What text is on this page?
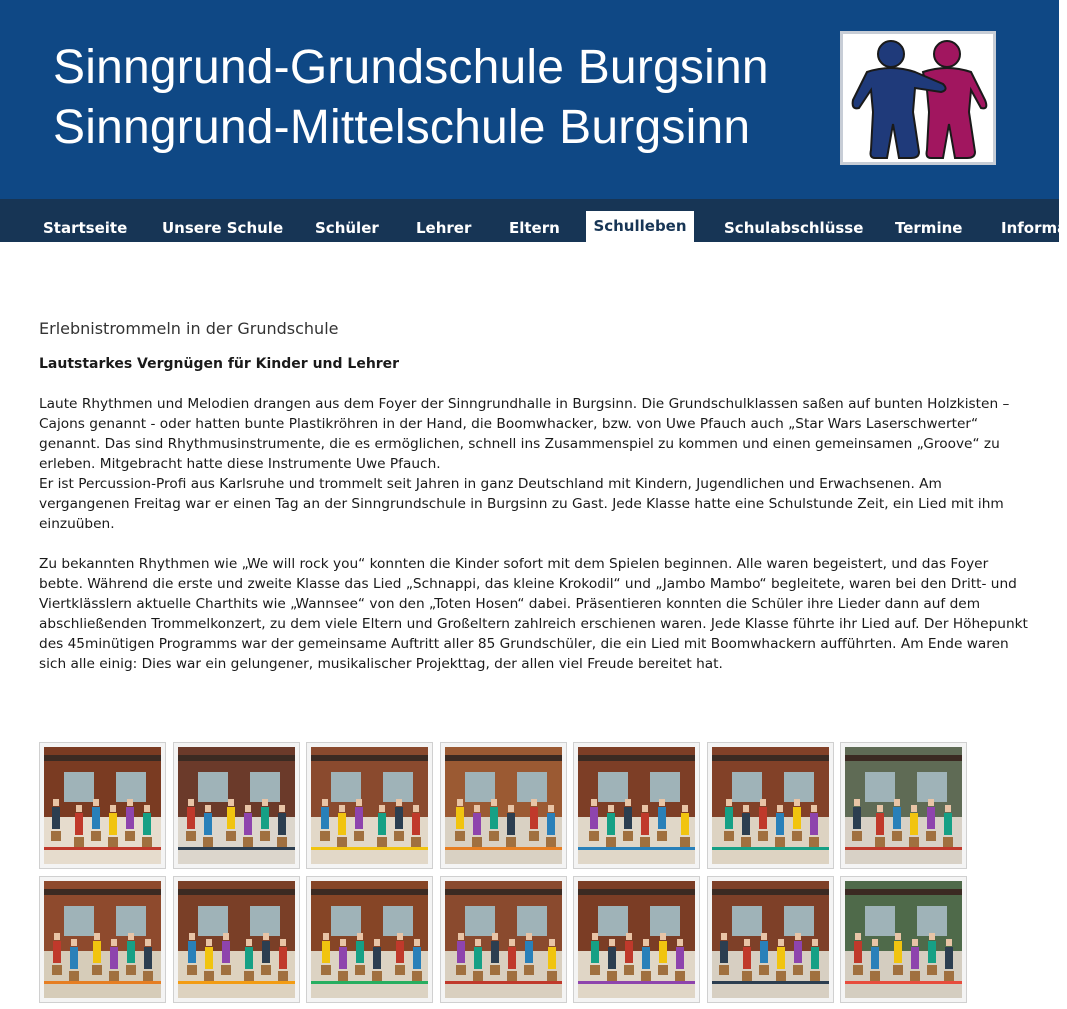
Sinngrund-Grundschule Burgsinn
Sinngrund-Mittelschule Burgsinn
Startseite Unsere Schule Schüler Lehrer	Eltern	Schulleben	Schulabschlüsse Termine	Informa
Erlebnistrommeln in der Grundschule

Lautstarkes Vergnügen für Kinder und Lehrer

Laute Rhythmen und Melodien drangen aus dem Foyer der Sinngrundhalle in Burgsinn. Die Grundschulklassen saßen auf bunten Holzkisten – Cajons genannt - oder hatten bunte Plastikröhren in der Hand, die Boomwhacker, bzw. von Uwe Pfauch auch „Star Wars Laserschwerter“ genannt. Das sind Rhythmusinstrumente, die es ermöglichen, schnell ins Zusammenspiel zu kommen und einen gemeinsamen „Groove“ zu erleben. Mitgebracht hatte diese Instrumente Uwe Pfauch.

Er ist Percussion-Profi aus Karlsruhe und trommelt seit Jahren in ganz Deutschland mit Kindern, Jugendlichen und Erwachsenen. Am vergangenen Freitag war er einen Tag an der Sinngrundschule in Burgsinn zu Gast. Jede Klasse hatte eine Schulstunde Zeit, ein Lied mit ihm einzuüben.

Zu bekannten Rhythmen wie „We will rock you“ konnten die Kinder sofort mit dem Spielen beginnen. Alle waren begeistert, und das Foyer bebte. Während die erste und zweite Klasse das Lied „Schnappi, das kleine Krokodil“ und „Jambo Mambo“ begleitete, waren bei den Dritt- und Viertklässlern aktuelle Charthits wie „Wannsee“ von den „Toten Hosen“ dabei. Präsentieren konnten die Schüler ihre Lieder dann auf dem abschließenden Trommelkonzert, zu dem viele Eltern und Großeltern zahlreich erschienen waren. Jede Klasse führte ihr Lied auf. Der Höhepunkt des 45minütigen Programms war der gemeinsame Auftritt aller 85 Grundschüler, die ein Lied mit Boomwhackern aufführten. Am Ende waren sich alle einig: Dies war ein gelungener, musikalischer Projekttag, der allen viel Freude bereitet hat.
